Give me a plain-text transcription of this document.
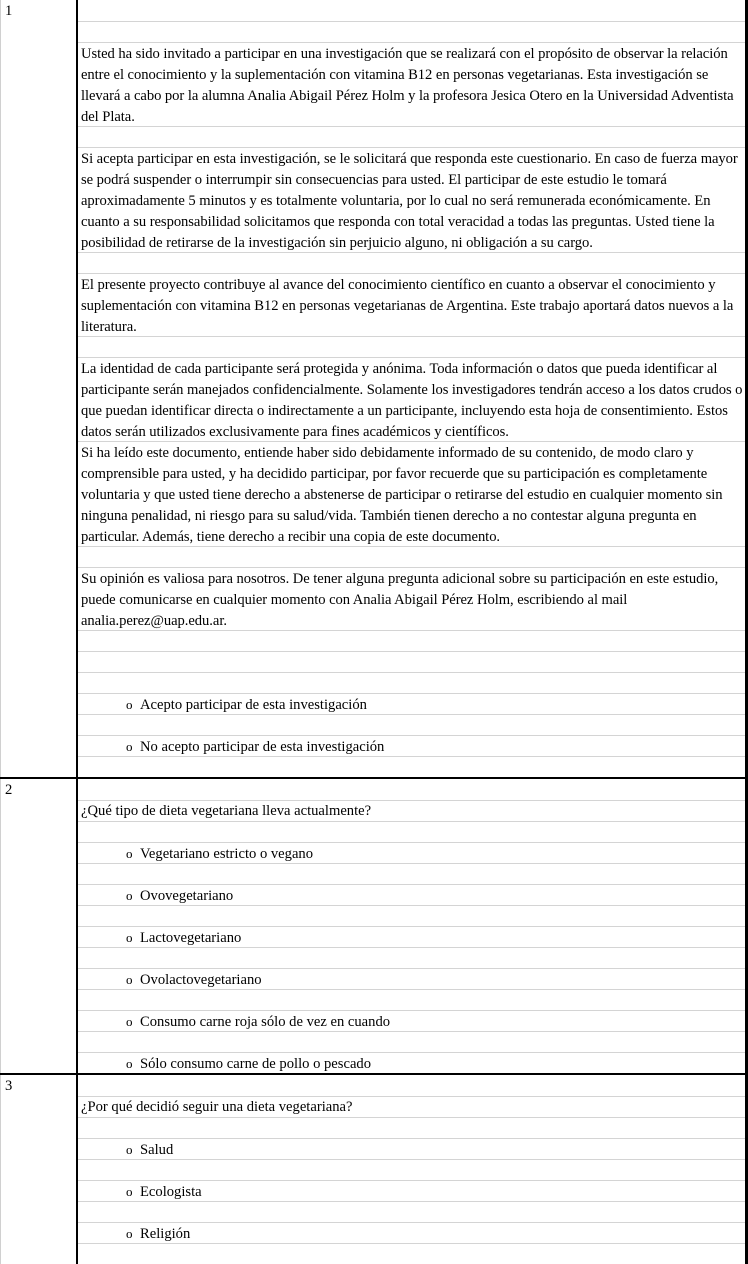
1
Usted ha sido invitado a participar en una investigación que se realizará con el propósito de observar la relación entre el conocimiento y la suplementación con vitamina B12 en personas vegetarianas. Esta investigación se llevará a cabo por la alumna Analia Abigail Pérez Holm y la profesora Jesica Otero en la Universidad Adventista del Plata.
Si acepta participar en esta investigación, se le solicitará que responda este cuestionario. En caso de fuerza mayor se podrá suspender o interrumpir sin consecuencias para usted. El participar de este estudio le tomará aproximadamente 5 minutos y es totalmente voluntaria, por lo cual no será remunerada económicamente. En cuanto a su responsabilidad solicitamos que responda con total veracidad a todas las preguntas. Usted tiene la posibilidad de retirarse de la investigación sin perjuicio alguno, ni obligación a su cargo.
El presente proyecto contribuye al avance del conocimiento científico en cuanto a observar el conocimiento y suplementación con vitamina B12 en personas vegetarianas de Argentina. Este trabajo aportará datos nuevos a la literatura.
La identidad de cada participante será protegida y anónima. Toda información o datos que pueda identificar al participante serán manejados confidencialmente. Solamente los investigadores tendrán acceso a los datos crudos o que puedan identificar directa o indirectamente a un participante, incluyendo esta hoja de consentimiento. Estos datos serán utilizados exclusivamente para fines académicos y científicos.
Si ha leído este documento, entiende haber sido debidamente informado de su contenido, de modo claro y comprensible para usted, y ha decidido participar, por favor recuerde que su participación es completamente voluntaria y que usted tiene derecho a abstenerse de participar o retirarse del estudio en cualquier momento sin ninguna penalidad, ni riesgo para su salud/vida. También tienen derecho a no contestar alguna pregunta en particular. Además, tiene derecho a recibir una copia de este documento.
Su opinión es valiosa para nosotros. De tener alguna pregunta adicional sobre su participación en este estudio, puede comunicarse en cualquier momento con Analia Abigail Pérez Holm, escribiendo al mail analia.perez@uap.edu.ar.
o Acepto participar de esta investigación
o No acepto participar de esta investigación
2
¿Qué tipo de dieta vegetariana lleva actualmente?
o Vegetariano estricto o vegano
o Ovovegetariano
o Lactovegetariano
o Ovolactovegetariano
o Consumo carne roja sólo de vez en cuando
o Sólo consumo carne de pollo o pescado
3
¿Por qué decidió seguir una dieta vegetariana?
o Salud
o Ecologista
o Religión
